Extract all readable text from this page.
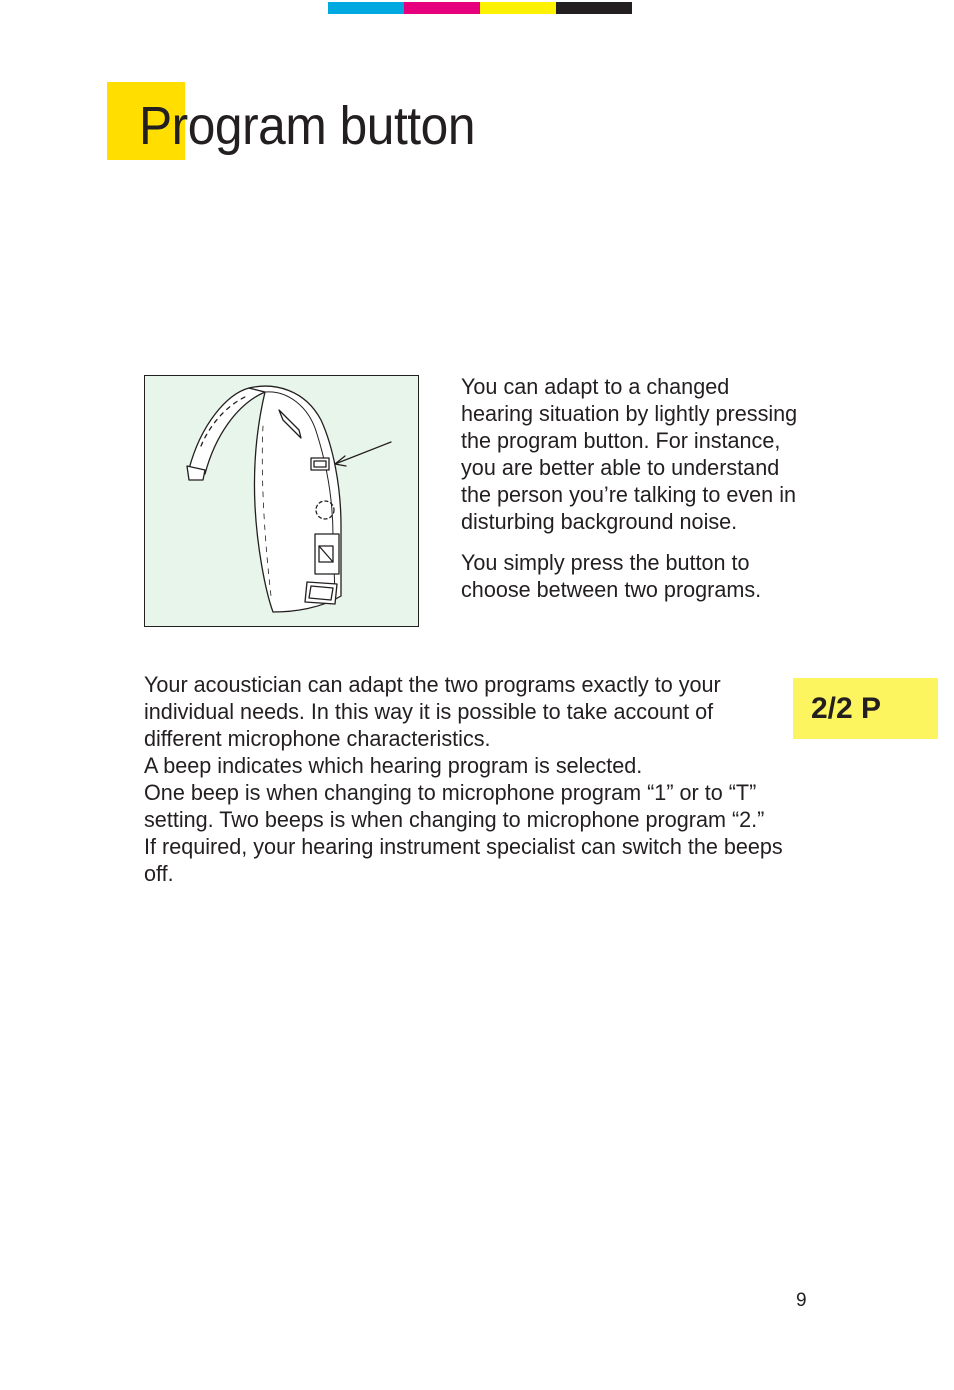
Program button

You can adapt to a changed hearing situation by lightly pressing the program button. For instance, you are better able to understand the person you’re talking to even in disturbing background noise.

You simply press the button to choose between two programs.

Your acoustician can adapt the two programs exactly to your individual needs. In this way it is possible to take account of different microphone characteristics.

A beep indicates which hearing program is selected.

One beep is when changing to microphone program “1” or to “T” setting. Two beeps is when changing to microphone program “2.”

If required, your hearing instrument specialist can switch the beeps off.

2/2 P
9
